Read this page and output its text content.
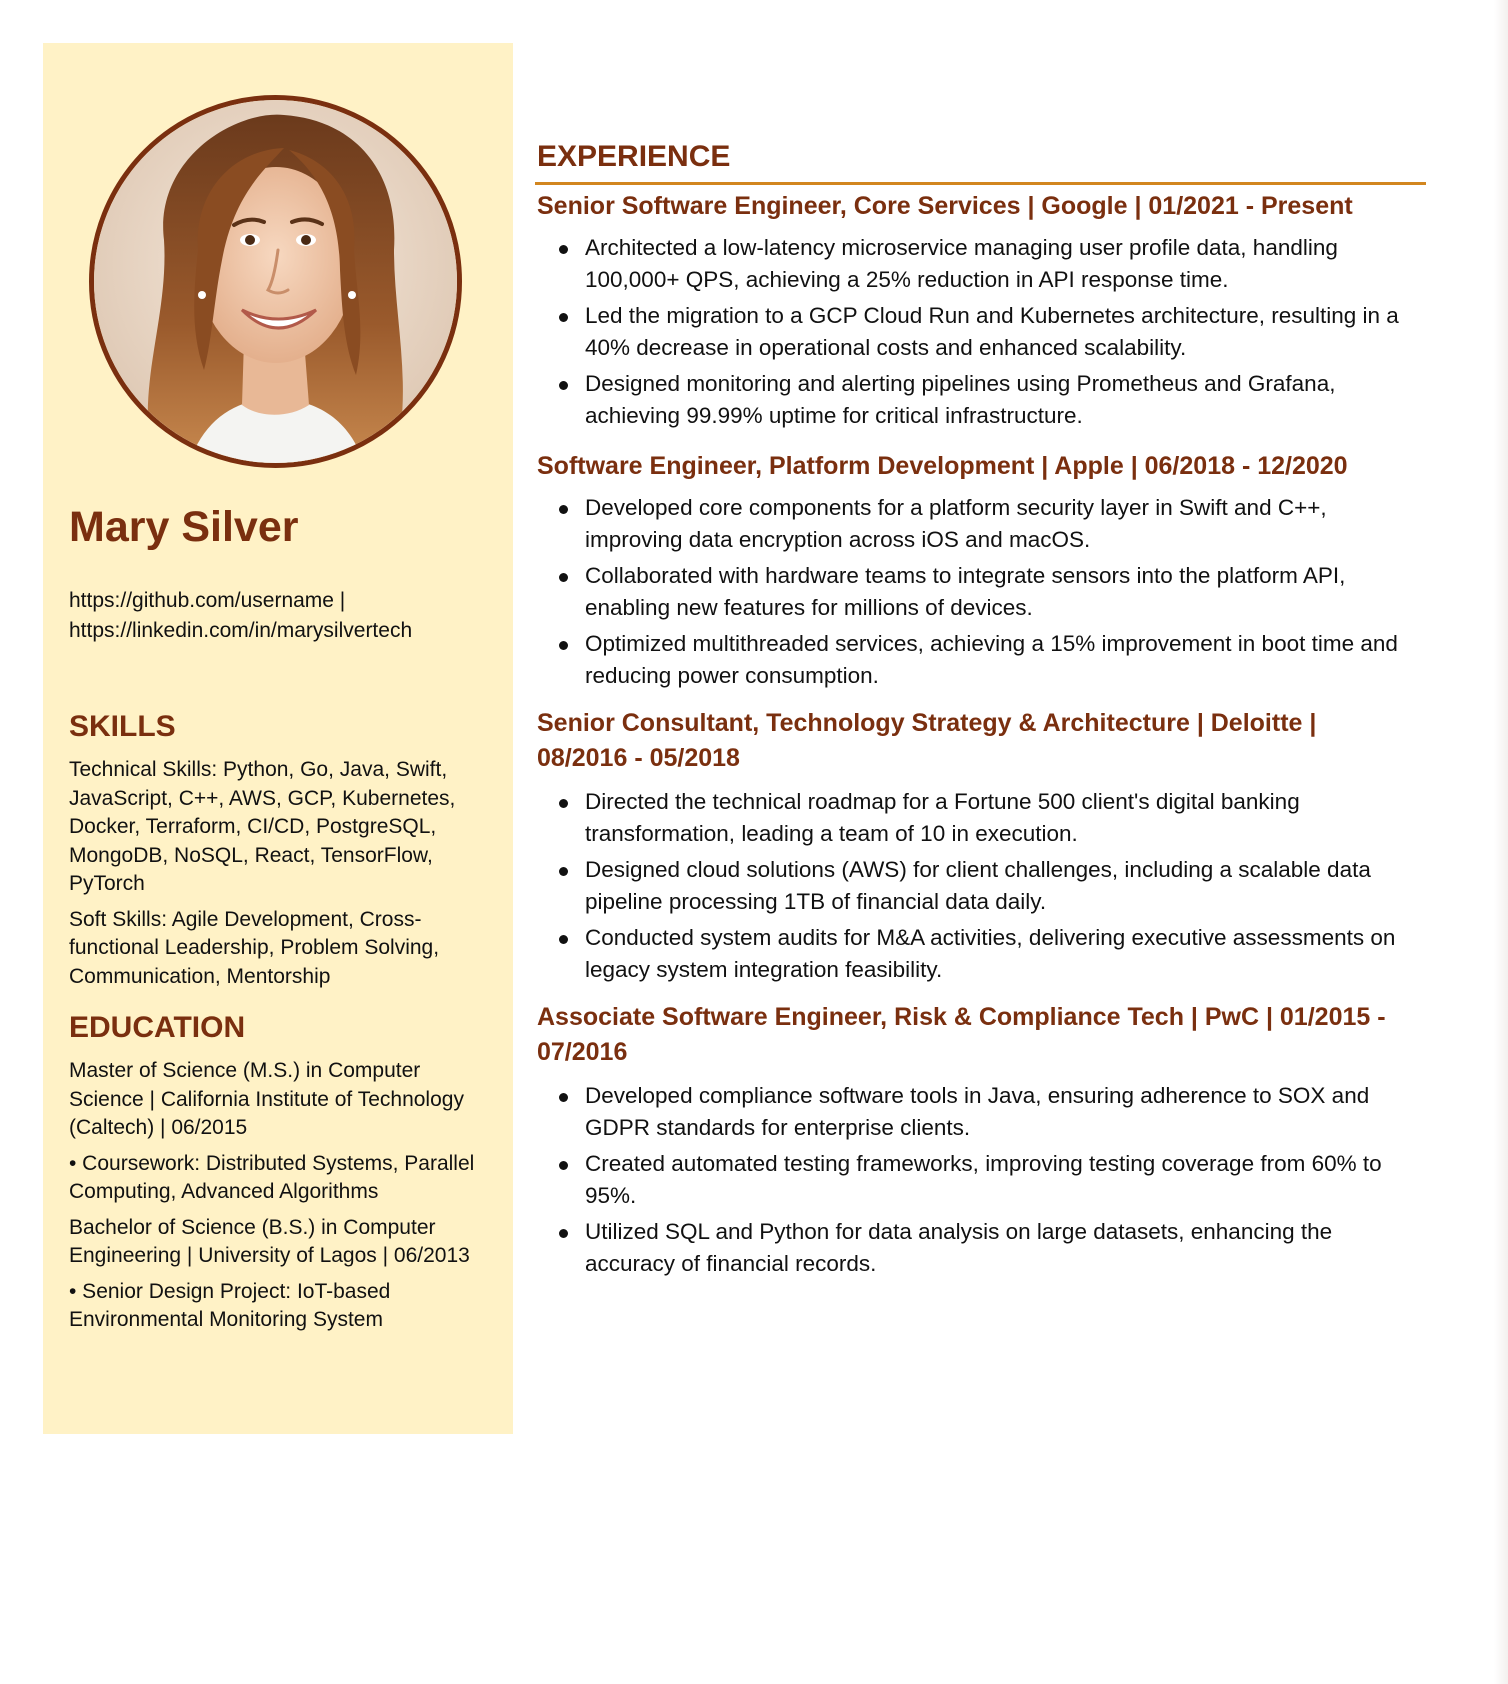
Mary Silver
https://github.com/username |
https://linkedin.com/in/marysilvertech
SKILLS

Technical Skills: Python, Go, Java, Swift, JavaScript, C++, AWS, GCP, Kubernetes, Docker, Terraform, CI/CD, PostgreSQL, MongoDB, NoSQL, React, TensorFlow, PyTorch

Soft Skills: Agile Development, Cross-functional Leadership, Problem Solving, Communication, Mentorship

EDUCATION

Master of Science (M.S.) in Computer Science | California Institute of Technology (Caltech) | 06/2015

• Coursework: Distributed Systems, Parallel Computing, Advanced Algorithms

Bachelor of Science (B.S.) in Computer Engineering | University of Lagos | 06/2013

• Senior Design Project: IoT-based Environmental Monitoring System

EXPERIENCE
Senior Software Engineer, Core Services | Google | 01/2021 - Present
Architected a low-latency microservice managing user profile data, handling 100,000+ QPS, achieving a 25% reduction in API response time.
Led the migration to a GCP Cloud Run and Kubernetes architecture, resulting in a 40% decrease in operational costs and enhanced scalability.
Designed monitoring and alerting pipelines using Prometheus and Grafana, achieving 99.99% uptime for critical infrastructure.
Software Engineer, Platform Development | Apple | 06/2018 - 12/2020
Developed core components for a platform security layer in Swift and C++, improving data encryption across iOS and macOS.
Collaborated with hardware teams to integrate sensors into the platform API, enabling new features for millions of devices.
Optimized multithreaded services, achieving a 15% improvement in boot time and reducing power consumption.
Senior Consultant, Technology Strategy & Architecture | Deloitte | 08/2016 - 05/2018
Directed the technical roadmap for a Fortune 500 client's digital banking transformation, leading a team of 10 in execution.
Designed cloud solutions (AWS) for client challenges, including a scalable data pipeline processing 1TB of financial data daily.
Conducted system audits for M&A activities, delivering executive assessments on legacy system integration feasibility.
Associate Software Engineer, Risk & Compliance Tech | PwC | 01/2015 - 07/2016
Developed compliance software tools in Java, ensuring adherence to SOX and GDPR standards for enterprise clients.
Created automated testing frameworks, improving testing coverage from 60% to 95%.
Utilized SQL and Python for data analysis on large datasets, enhancing the accuracy of financial records.
